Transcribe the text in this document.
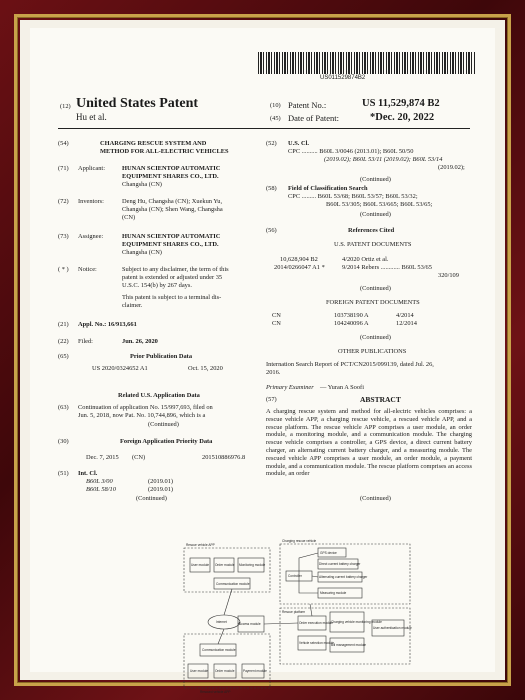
US011529874B2
(12) United States Patent
Hu et al.
(10) Patent No.:	US 11,529,874 B2
(45) Date of Patent:	*Dec. 20, 2022
(54)	CHARGING RESCUE SYSTEM AND
METHOD FOR ALL-ELECTRIC VEHICLES
(71) Applicant:	HUNAN SCIENTOP AUTOMATIC
EQUIPMENT SHARES CO., LTD.
Changsha (CN)
(72) Inventors:	Deng Hu, Changsha (CN); Xuekun Yu,
Changsha (CN); Shen Wang, Changsha
(CN)
(73) Assignee:	HUNAN SCIENTOP AUTOMATIC
EQUIPMENT SHARES CO., LTD.
Changsha (CN)
( * ) Notice:	Subject to any disclaimer, the term of this
patent is extended or adjusted under 35
U.S.C. 154(b) by 267 days.
This patent is subject to a terminal dis-
claimer.
(21) Appl. No.: 16/913,661
(22) Filed:	Jun. 26, 2020
(65)	Prior Publication Data
US 2020/0324652 A1	Oct. 15, 2020
Related U.S. Application Data
(63) Continuation of application No. 15/997,693, filed on
Jun. 5, 2018, now Pat. No. 10,744,896, which is a
(Continued)
(30)	Foreign Application Priority Data
Dec. 7, 2015 (CN)	201510886976.8
(51) Int. Cl.
B60L 3/00	(2019.01)
B60L 58/10	(2019.01)
(Continued)
(52) U.S. Cl.
CPC .......... B60L 3/0046 (2013.01); B60L 50/50
(2019.02); B60L 53/11 (2019.02); B60L 53/14
(2019.02);
(Continued)
(58) Field of Classification Search
CPC ......... B60L 53/68; B60L 53/57; B60L 53/32;
B60L 53/305; B60L 53/665; B60L 53/65;
(Continued)
(56)	References Cited
U.S. PATENT DOCUMENTS
10,628,904 B2	4/2020 Ortiz et al.
2014/0266047 A1 *	9/2014 Rebers ............ B60L 53/65
320/109
(Continued)
FOREIGN PATENT DOCUMENTS
CN	103738190 A	4/2014
CN	104240096 A	12/2014
(Continued)
OTHER PUBLICATIONS
Internation Search Report of PCT/CN2015/099139, dated Jul. 26,
2016.
Primary Examiner — Yuran A Soofi
(57)	ABSTRACT
A charging rescue system and method for all-electric vehicles comprises: a rescue vehicle APP, a charging rescue vehicle, a rescued vehicle APP, and a rescue platform. The rescue vehicle APP comprises a user module, an order module, a monitoring module, and a communication module. The charging rescue vehicle comprises a controller, a GPS device, a direct current battery charger, an alternating current battery charger, and a measuring module. The rescued vehicle APP comprises a user module, an order module, a payment module, and a communication module. The rescue platform comprises an access module, an order
(Continued)
Rescue vehicle APP
Charging rescue vehicle
User module Order module Monitoring module
Communication module
GPS device
Direct current battery charger
Controller	Alternating current battery charger
Measuring module
Internet
Rescue platform
Access module	Order execution module
Charging vehicle monitoring module
User authentication module
Vehicle selection module
Bill management module
Communication module
User module Order module	Payment module
Rescued vehicle APP
